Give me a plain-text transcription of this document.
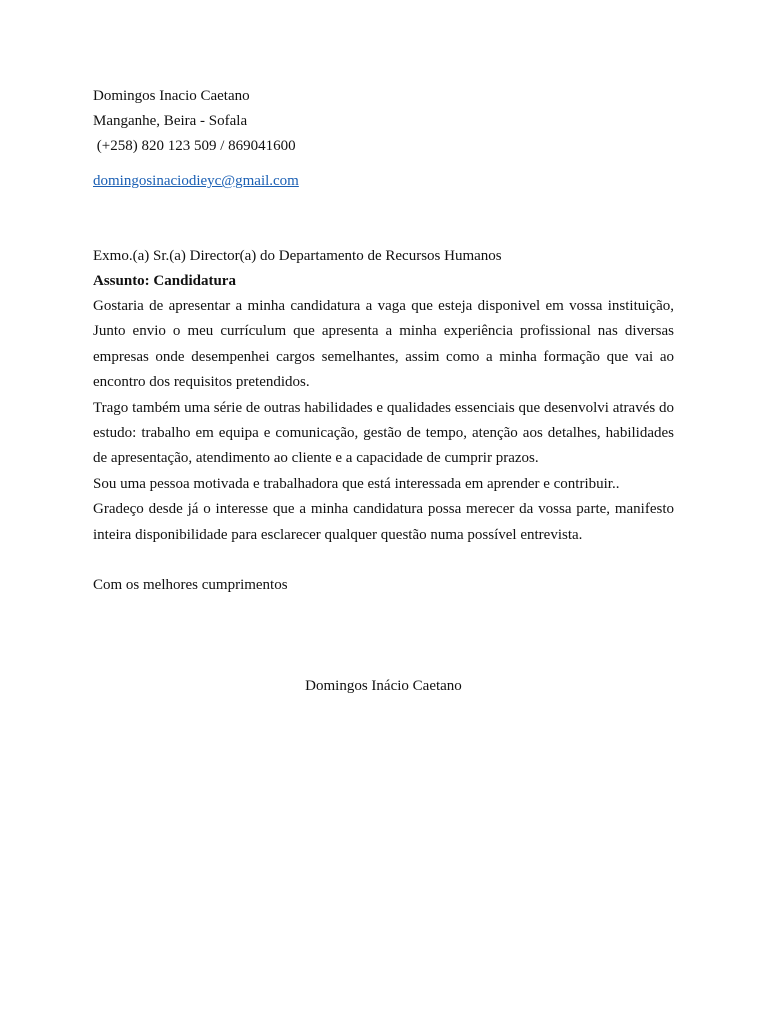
Domingos Inacio Caetano
Manganhe, Beira - Sofala
(+258) 820 123 509 / 869041600
domingosinaciodieyc@gmail.com
Exmo.(a) Sr.(a) Director(a) do Departamento de Recursos Humanos
Assunto: Candidatura

Gostaria de apresentar a minha candidatura a vaga que esteja disponivel em vossa instituição, Junto envio o meu currículum que apresenta a minha experiência profissional nas diversas empresas onde desempenhei cargos semelhantes, assim como a minha formação que vai ao encontro dos requisitos pretendidos.

Trago também uma série de outras habilidades e qualidades essenciais que desenvolvi através do estudo: trabalho em equipa e comunicação, gestão de tempo, atenção aos detalhes, habilidades de apresentação, atendimento ao cliente e a capacidade de cumprir prazos.

Sou uma pessoa motivada e trabalhadora que está interessada em aprender e contribuir..

Gradeço desde já o interesse que a minha candidatura possa merecer da vossa parte, manifesto inteira disponibilidade para esclarecer qualquer questão numa possível entrevista.

Com os melhores cumprimentos
Domingos Inácio Caetano
